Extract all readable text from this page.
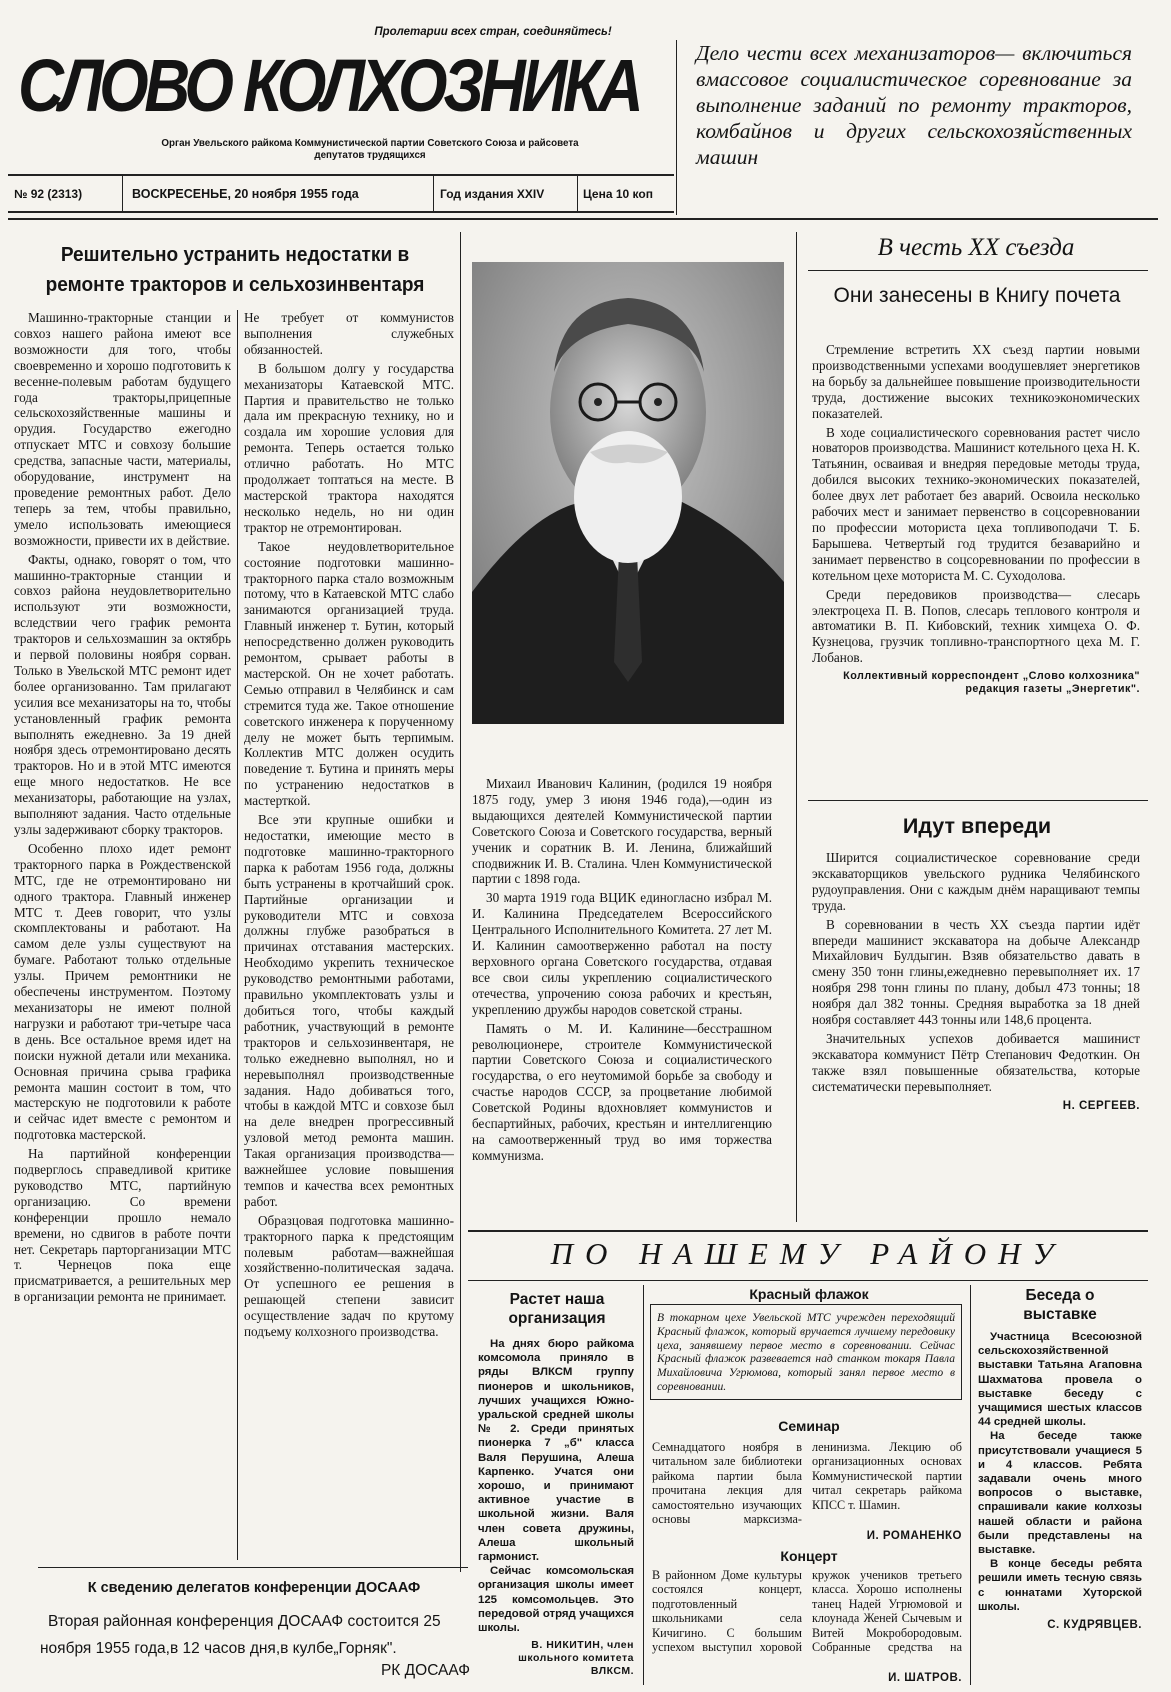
Пролетарии всех стран, соединяйтесь!
СЛОВО КОЛХОЗНИКА
Орган Увельского райкома Коммунистической партии Советского Союза и райсовета депутатов трудящихся
№ 92 (2313)	ВОСКРЕСЕНЬЕ, 20 ноября 1955 года	Год издания XXIV	Цена 10 коп
Дело чести всех механизаторов— включиться вмассовое социалистическое соревнование за выполнение заданий по ремонту тракторов, комбайнов и других сельскохозяйственных машин
Решительно устранить недостатки в ремонте тракторов и сельхозинвентаря

Машинно-тракторные станции и совхоз нашего района имеют все возможности для того, чтобы своевременно и хорошо подготовить к весенне-полевым работам будущего года тракторы,прицепные сельскохозяйственные машины и орудия. Государство ежегодно отпускает МТС и совхозу большие средства, запасные части, материалы, оборудование, инструмент на проведение ремонтных работ. Дело теперь за тем, чтобы правильно, умело использовать имеющиеся возможности, привести их в действие.

Факты, однако, говорят о том, что машинно-тракторные станции и совхоз района неудовлетворительно используют эти возможности, вследствии чего график ремонта тракторов и сельхозмашин за октябрь и первой половины ноября сорван. Только в Увельской МТС ремонт идет более организованно. Там прилагают усилия все механизаторы на то, чтобы установленный график ремонта выполнять ежедневно. За 19 дней ноября здесь отремонтировано десять тракторов. Но и в этой МТС имеются еще много недостатков. Не все механизаторы, работающие на узлах, выполняют задания. Часто отдельные узлы задерживают сборку тракторов.

Особенно плохо идет ремонт тракторного парка в Рождественской МТС, где не отремонтировано ни одного трактора. Главный инженер МТС т. Деев говорит, что узлы скомплектованы и работают. На самом деле узлы существуют на бумаге. Работают только отдельные узлы. Причем ремонтники не обеспечены инструментом. Поэтому механизаторы не имеют полной нагрузки и работают три-четыре часа в день. Все остальное время идет на поиски нужной детали или механика. Основная причина срыва графика ремонта машин состоит в том, что мастерскую не подготовили к работе и сейчас идет вместе с ремонтом и подготовка мастерской.

На партийной конференции подверглось справедливой критике руководство МТС, партийную организацию. Со времени конференции прошло немало времени, но сдвигов в работе почти нет. Секретарь парторганизации МТС т. Чернецов пока еще присматривается, а решительных мер в организации ремонта не принимает.

Не требует от коммунистов выполнения служебных обязанностей.

В большом долгу у государства механизаторы Катаевской МТС. Партия и правительство не только дала им прекрасную технику, но и создала им хорошие условия для ремонта. Теперь остается только отлично работать. Но МТС продолжает топтаться на месте. В мастерской трактора находятся несколько недель, но ни один трактор не отремонтирован.

Такое неудовлетворительное состояние подготовки машинно-тракторного парка стало возможным потому, что в Катаевской МТС слабо занимаются организацией труда. Главный инженер т. Бутин, который непосредственно должен руководить ремонтом, срывает работы в мастерской. Он не хочет работать. Семью отправил в Челябинск и сам стремится туда же. Такое отношение советского инженера к порученному делу не может быть терпимым. Коллектив МТС должен осудить поведение т. Бутина и принять меры по устранению недостатков в мастерткой.

Все эти крупные ошибки и недостатки, имеющие место в подготовке машинно-тракторного парка к работам 1956 года, должны быть устранены в кротчайший срок. Партийные организации и руководители МТС и совхоза должны глубже разобраться в причинах отставания мастерских. Необходимо укрепить техническое руководство ремонтными работами, правильно укомплектовать узлы и добиться того, чтобы каждый работник, участвующий в ремонте тракторов и сельхозинвентаря, не только ежедневно выполнял, но и неревыполнял производственные задания. Надо добиваться того, чтобы в каждой МТС и совхозе был на деле внедрен прогрессивный узловой метод ремонта машин. Такая организация производства—важнейшее условие повышения темпов и качества всех ремонтных работ.

Образцовая подготовка машинно-тракторного парка к предстоящим полевым работам—важнейшая хозяйственно-политическая задача. От успешного ее решения в решающей степени зависит осуществление задач по крутому подъему колхозного производства.

К сведению делегатов конференции ДОСААФ
Вторая районная конференция ДОСААФ состоится 25 ноября 1955 года,в 12 часов дня,в кулбе„Горняк".
РК ДОСААФ

Михаил Иванович Калинин, (родился 19 ноября 1875 году, умер 3 июня 1946 года),—один из выдающихся деятелей Коммунистической партии Советского Союза и Советского государства, верный ученик и соратник В. И. Ленина, ближайший сподвижник И. В. Сталина. Член Коммунистической партии с 1898 года.

30 марта 1919 года ВЦИК единогласно избрал М. И. Калинина Председателем Всероссийского Центрального Исполнительного Комитета. 27 лет М. И. Калинин самоотверженно работал на посту верховного органа Советского государства, отдавая все свои силы укреплению социалистического отечества, упрочению союза рабочих и крестьян, укреплению дружбы народов советской страны.

Память о М. И. Калинине—бесстрашном революционере, строителе Коммунистической партии Советского Союза и социалистического государства, о его неутомимой борьбе за свободу и счастье народов СССР, за процветание любимой Советской Родины вдохновляет коммунистов и беспартийных, рабочих, крестьян и интеллигенцию на самоотверженный труд во имя торжества коммунизма.

В честь XX съезда
Они занесены в Книгу почета

Стремление встретить XX съезд партии новыми производственными успехами воодушевляет энергетиков на борьбу за дальнейшее повышение производительности труда, достижение высоких техникоэкономических показателей.

В ходе социалистического соревнования растет число новаторов производства. Машинист котельного цеха Н. К. Татьянин, осваивая и внедряя передовые методы труда, добился высоких технико-экономических показателей, более двух лет работает без аварий. Освоила несколько рабочих мест и занимает первенство в соцсоревновании по профессии моториста цеха топливоподачи Т. Б. Барышева. Четвертый год трудится безаварийно и занимает первенство в соцсоревновании по профессии в котельном цехе моториста М. С. Суходолова.

Среди передовиков производства— слесарь электроцеха П. В. Попов, слесарь теплового контроля и автоматики В. П. Кибовский, техник химцеха О. Ф. Кузнецова, грузчик топливно-транспортного цеха М. Г. Лобанов.

Коллективный корреспондент „Слово колхозника" редакция газеты „Энергетик".
Идут впереди

Ширится социалистическое соревнование среди экскаваторщиков увельского рудника Челябинского рудоуправления. Они с каждым днём наращивают темпы труда.

В соревновании в честь XX съезда партии идёт впереди машинист экскаватора на добыче Александр Михайлович Булдыгин. Взяв обязательство давать в смену 350 тонн глины,ежедневно перевыполняет их. 17 ноября 298 тонн глины по плану, добыл 473 тонны; 18 ноября дал 382 тонны. Средняя выработка за 18 дней ноября составляет 443 тонны или 148,6 процента.

Значительных успехов добивается машинист экскаватора коммунист Пётр Степанович Федоткин. Он также взял повышенные обязательства, которые систематически перевыполняет.

Н. СЕРГЕЕВ.
ПО НАШЕМУ РАЙОНУ
Растет наша организация

На днях бюро райкома комсомола приняло в ряды ВЛКСМ группу пионеров и школьников, лучших учащихся Южно-уральской средней школы № 2. Среди принятых пионерка 7 „б" класса Валя Перушина, Алеша Карпенко. Учатся они хорошо, и принимают активное участие в школьной жизни. Валя член совета дружины, Алеша школьный гармонист.

Сейчас комсомольская организация школы имеет 125 комсомольцев. Это передовой отряд учащихся школы.

В. НИКИТИН, член школьного комитета ВЛКСМ.
Красный флажок
В токарном цехе Увельской МТС учрежден переходящий Красный флажок, который вручается лучшему передовику цеха, занявшему первое место в соревновании. Сейчас Красный флажок развевается над станком токаря Павла Михайловича Угрюмова, который занял первое место в соревновании.
Семинар
Семнадцатого ноября в читальном зале библиотеки райкома партии была прочитана лекция для самостоятельно изучающих основы марксизма-ленинизма. Лекцию об организационных основах Коммунистической партии читал секретарь райкома КПСС т. Шамин.
И. РОМАНЕНКО
Концерт
В районном Доме культуры состоялся концерт, подготовленный школьниками села Кичигино. С большим успехом выступил хоровой кружок учеников третьего класса. Хорошо исполнены танец Надей Угрюмовой и клоунада Женей Сычевым и Витей Мокробородовым. Собранные средства на
И. ШАТРОВ.
Беседа о выставке

Участница Всесоюзной сельскохозяйственной выставки Татьяна Агаповна Шахматова провела о выставке беседу с учащимися шестых классов 44 средней школы.

На беседе также присутствовали учащиеся 5 и 4 классов. Ребята задавали очень много вопросов о выставке, спрашивали какие колхозы нашей области и района были представлены на выставке.

В конце беседы ребята решили иметь тесную связь с юннатами Хуторской школы.

С. КУДРЯВЦЕВ.
